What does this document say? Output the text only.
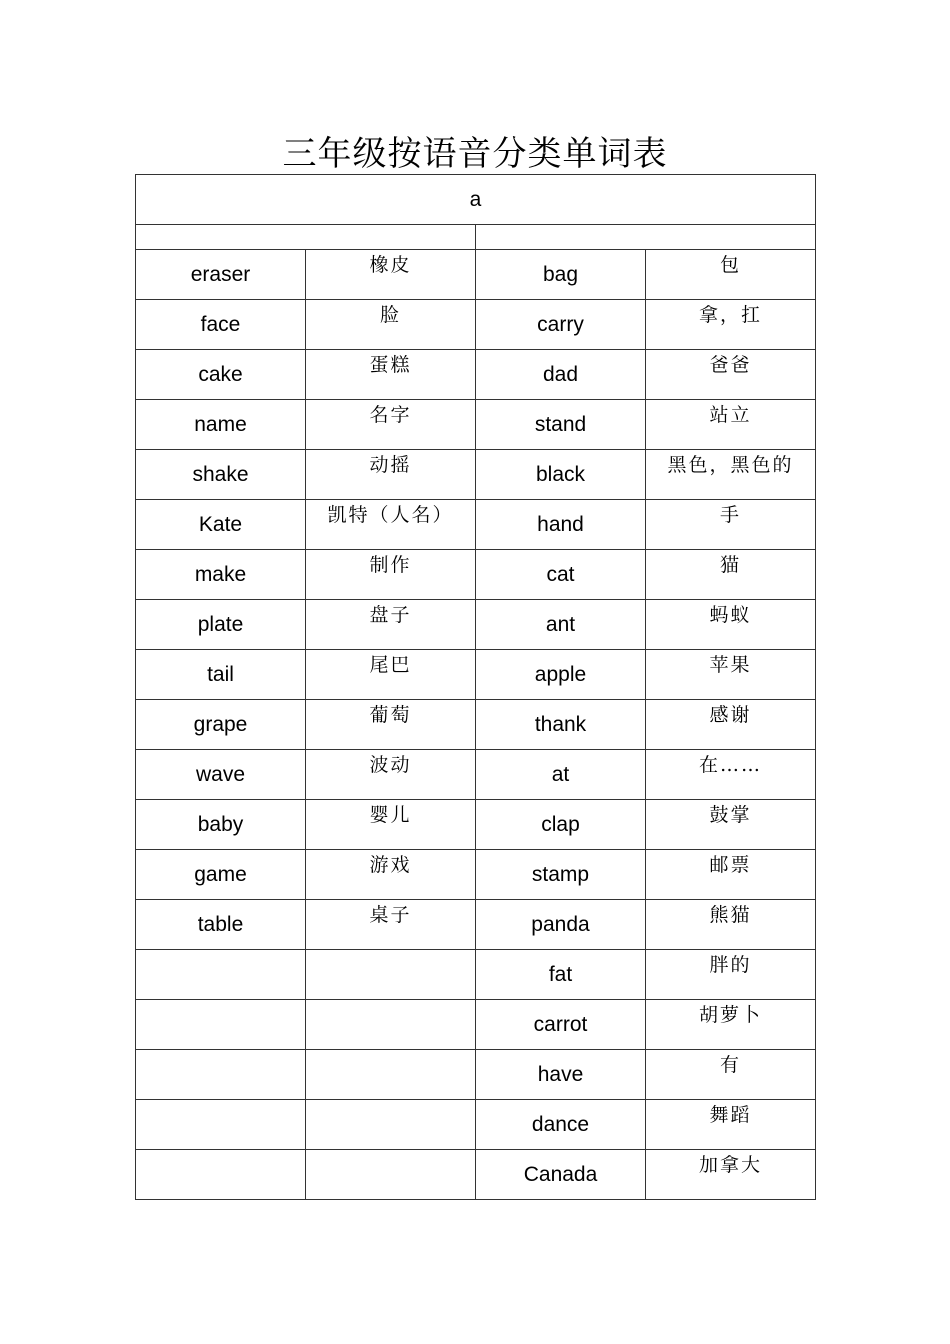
三年级按语音分类单词表
a			

eraser	橡皮	bag	包
face	脸	carry	拿，扛
cake	蛋糕	dad	爸爸
name	名字	stand	站立
shake	动摇	black	黑色，黑色的
Kate	凯特（人名）	hand	手
make	制作	cat	猫
plate	盘子	ant	蚂蚁
tail	尾巴	apple	苹果
grape	葡萄	thank	感谢
wave	波动	at	在……
baby	婴儿	clap	鼓掌
game	游戏	stamp	邮票
table	桌子	panda	熊猫
		fat	胖的
		carrot	胡萝卜
		have	有
		dance	舞蹈
		Canada	加拿大
